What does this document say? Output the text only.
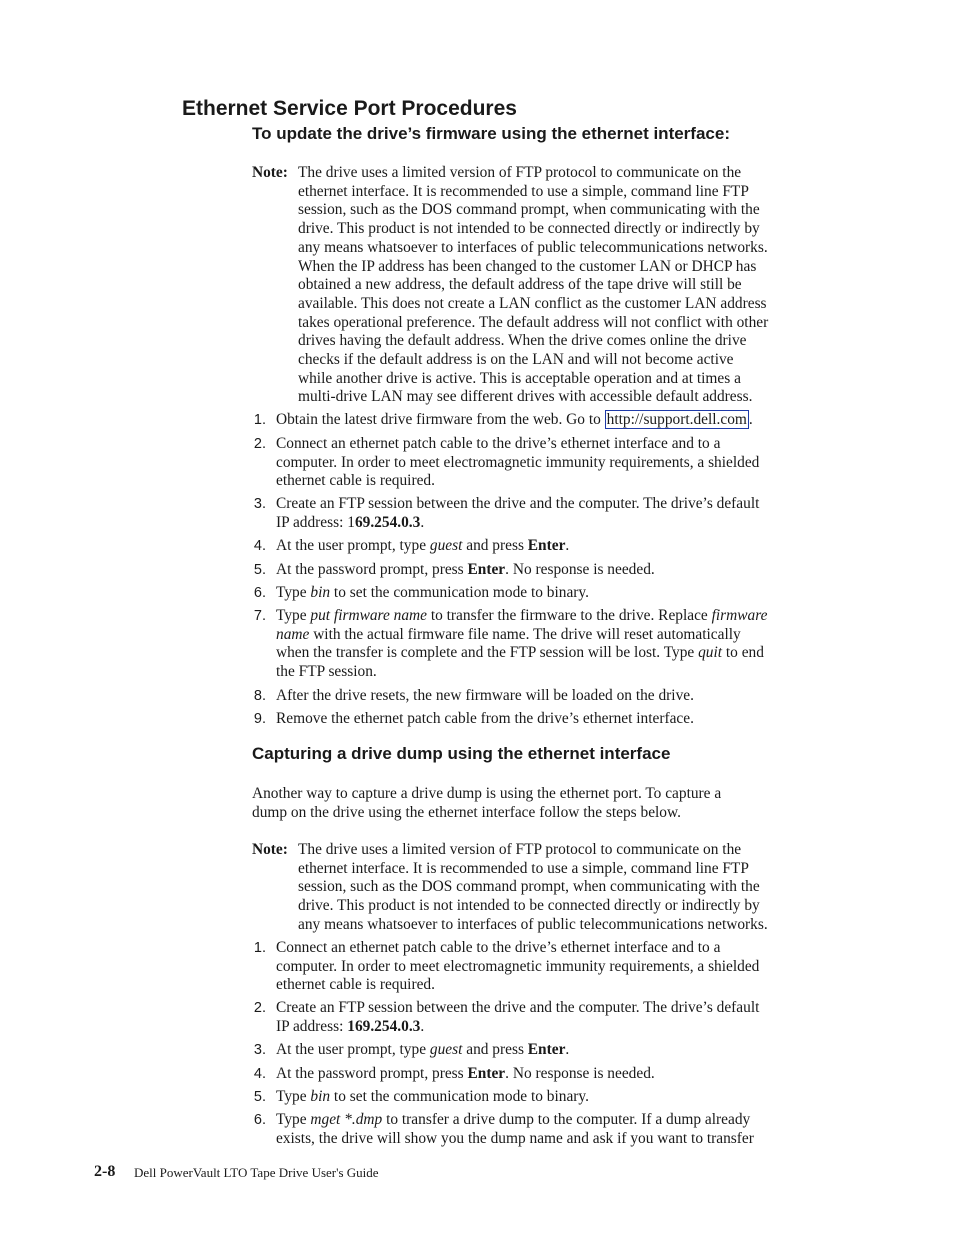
Ethernet Service Port Procedures
To update the drive’s firmware using the ethernet interface:
Note: The drive uses a limited version of FTP protocol to communicate on the
ethernet interface. It is recommended to use a simple, command line FTP
session, such as the DOS command prompt, when communicating with the
drive. This product is not intended to be connected directly or indirectly by
any means whatsoever to interfaces of public telecommunications networks.
When the IP address has been changed to the customer LAN or DHCP has
obtained a new address, the default address of the tape drive will still be
available. This does not create a LAN conflict as the customer LAN address
takes operational preference. The default address will not conflict with other
drives having the default address. When the drive comes online the drive
checks if the default address is on the LAN and will not become active
while another drive is active. This is acceptable operation and at times a
multi-drive LAN may see different drives with accessible default address.
1. Obtain the latest drive firmware from the web. Go to http://support.dell.com .
2. Connect an ethernet patch cable to the drive’s ethernet interface and to a
computer. In order to meet electromagnetic immunity requirements, a shielded
ethernet cable is required.
3. Create an FTP session between the drive and the computer. The drive’s default
IP address: 169.254.0.3.
4. At the user prompt, type guest and press Enter.
5. At the password prompt, press Enter. No response is needed.
6. Type bin to set the communication mode to binary.
7. Type put firmware name to transfer the firmware to the drive. Replace firmware
name with the actual firmware file name. The drive will reset automatically
when the transfer is complete and the FTP session will be lost. Type quit to end
the FTP session.
8. After the drive resets, the new firmware will be loaded on the drive.
9. Remove the ethernet patch cable from the drive’s ethernet interface.
Capturing a drive dump using the ethernet interface
Another way to capture a drive dump is using the ethernet port. To capture a
dump on the drive using the ethernet interface follow the steps below.
Note: The drive uses a limited version of FTP protocol to communicate on the
ethernet interface. It is recommended to use a simple, command line FTP
session, such as the DOS command prompt, when communicating with the
drive. This product is not intended to be connected directly or indirectly by
any means whatsoever to interfaces of public telecommunications networks.
1. Connect an ethernet patch cable to the drive’s ethernet interface and to a
computer. In order to meet electromagnetic immunity requirements, a shielded
ethernet cable is required.
2. Create an FTP session between the drive and the computer. The drive’s default
IP address: 169.254.0.3.
3. At the user prompt, type guest and press Enter.
4. At the password prompt, press Enter. No response is needed.
5. Type bin to set the communication mode to binary.
6. Type mget *.dmp to transfer a drive dump to the computer. If a dump already
exists, the drive will show you the dump name and ask if you want to transfer
2-8 Dell PowerVault LTO Tape Drive User's Guide
